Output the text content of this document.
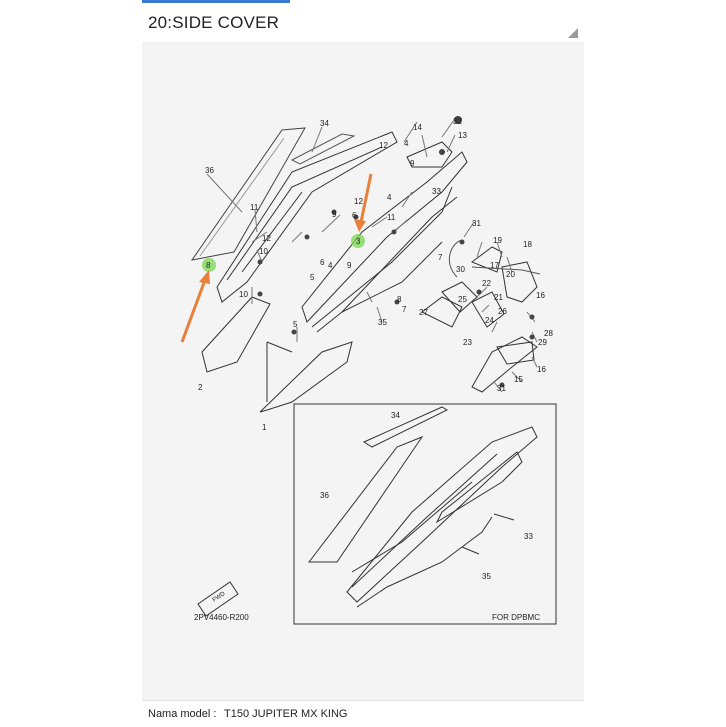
20:SIDE COVER
34
36
32
13
14
4
9
12
33
12
6
9
4
11
11
12
10
3
8	6
5
4 9
7
10
8
7
35
5
27
31
19	18
17
30
20
22
21
25	16
26
23
24
28
29
16
15
31
2
1
34
36
33
35
FOR DPBMC
FWD
2PV4460-R200
Nama model : T150 JUPITER MX KING
